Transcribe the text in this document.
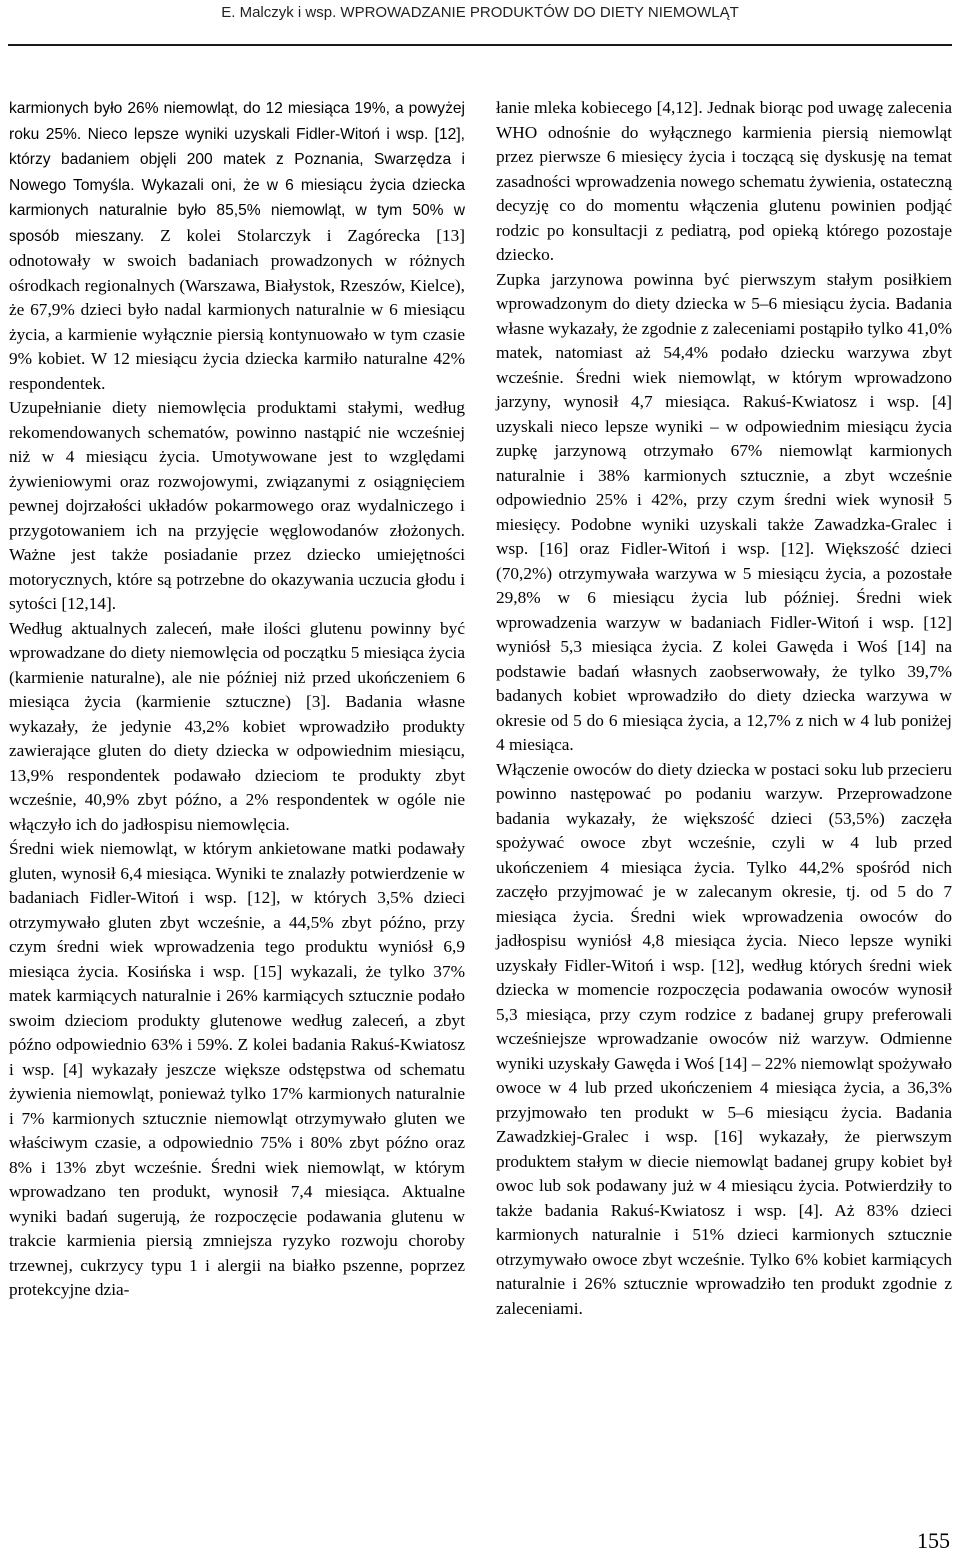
E. Malczyk i wsp. WPROWADZANIE PRODUKTÓW DO DIETY NIEMOWLĄT

karmionych było 26% niemowląt, do 12 miesiąca 19%, a powyżej roku 25%. Nieco lepsze wyniki uzyskali Fidler-Witoń i wsp. [12], którzy badaniem objęli 200 matek z Poznania, Swarzędza i Nowego Tomyśla. Wykazali oni, że w 6 miesiącu życia dziecka karmionych naturalnie było 85,5% niemowląt, w tym 50% w sposób mieszany. Z kolei Stolarczyk i Zagórecka [13] odnotowały w swoich badaniach prowadzonych w różnych ośrodkach regionalnych (Warszawa, Białystok, Rzeszów, Kielce), że 67,9% dzieci było nadal karmionych naturalnie w 6 miesiącu życia, a karmienie wyłącznie piersią kontynuowało w tym czasie 9% kobiet. W 12 miesiącu życia dziecka karmiło naturalne 42% respondentek.

Uzupełnianie diety niemowlęcia produktami stałymi, według rekomendowanych schematów, powinno nastąpić nie wcześniej niż w 4 miesiącu życia. Umotywowane jest to względami żywieniowymi oraz rozwojowymi, związanymi z osiągnięciem pewnej dojrzałości układów pokarmowego oraz wydalniczego i przygotowaniem ich na przyjęcie węglowodanów złożonych. Ważne jest także posiadanie przez dziecko umiejętności motorycznych, które są potrzebne do okazywania uczucia głodu i sytości [12,14].

Według aktualnych zaleceń, małe ilości glutenu powinny być wprowadzane do diety niemowlęcia od początku 5 miesiąca życia (karmienie naturalne), ale nie później niż przed ukończeniem 6 miesiąca życia (karmienie sztuczne) [3]. Badania własne wykazały, że jedynie 43,2% kobiet wprowadziło produkty zawierające gluten do diety dziecka w odpowiednim miesiącu, 13,9% respondentek podawało dzieciom te produkty zbyt wcześnie, 40,9% zbyt późno, a 2% respondentek w ogóle nie włączyło ich do jadłospisu niemowlęcia.

Średni wiek niemowląt, w którym ankietowane matki podawały gluten, wynosił 6,4 miesiąca. Wyniki te znalazły potwierdzenie w badaniach Fidler-Witoń i wsp. [12], w których 3,5% dzieci otrzymywało gluten zbyt wcześnie, a 44,5% zbyt późno, przy czym średni wiek wprowadzenia tego produktu wyniósł 6,9 miesiąca życia. Kosińska i wsp. [15] wykazali, że tylko 37% matek karmiących naturalnie i 26% karmiących sztucznie podało swoim dzieciom produkty glutenowe według zaleceń, a zbyt późno odpowiednio 63% i 59%. Z kolei badania Rakuś-Kwiatosz i wsp. [4] wykazały jeszcze większe odstępstwa od schematu żywienia niemowląt, ponieważ tylko 17% karmionych naturalnie i 7% karmionych sztucznie niemowląt otrzymywało gluten we właściwym czasie, a odpowiednio 75% i 80% zbyt późno oraz 8% i 13% zbyt wcześnie. Średni wiek niemowląt, w którym wprowadzano ten produkt, wynosił 7,4 miesiąca. Aktualne wyniki badań sugerują, że rozpoczęcie podawania glutenu w trakcie karmienia piersią zmniejsza ryzyko rozwoju choroby trzewnej, cukrzycy typu 1 i alergii na białko pszenne, poprzez protekcyjne dzia-

łanie mleka kobiecego [4,12]. Jednak biorąc pod uwagę zalecenia WHO odnośnie do wyłącznego karmienia piersią niemowląt przez pierwsze 6 miesięcy życia i toczącą się dyskusję na temat zasadności wprowadzenia nowego schematu żywienia, ostateczną decyzję co do momentu włączenia glutenu powinien podjąć rodzic po konsultacji z pediatrą, pod opieką którego pozostaje dziecko.

Zupka jarzynowa powinna być pierwszym stałym posiłkiem wprowadzonym do diety dziecka w 5–6 miesiącu życia. Badania własne wykazały, że zgodnie z zaleceniami postąpiło tylko 41,0% matek, natomiast aż 54,4% podało dziecku warzywa zbyt wcześnie. Średni wiek niemowląt, w którym wprowadzono jarzyny, wynosił 4,7 miesiąca. Rakuś-Kwiatosz i wsp. [4] uzyskali nieco lepsze wyniki – w odpowiednim miesiącu życia zupkę jarzynową otrzymało 67% niemowląt karmionych naturalnie i 38% karmionych sztucznie, a zbyt wcześnie odpowiednio 25% i 42%, przy czym średni wiek wynosił 5 miesięcy. Podobne wyniki uzyskali także Zawadzka-Gralec i wsp. [16] oraz Fidler-Witoń i wsp. [12]. Większość dzieci (70,2%) otrzymywała warzywa w 5 miesiącu życia, a pozostałe 29,8% w 6 miesiącu życia lub później. Średni wiek wprowadzenia warzyw w badaniach Fidler-Witoń i wsp. [12] wyniósł 5,3 miesiąca życia. Z kolei Gawęda i Woś [14] na podstawie badań własnych zaobserwowały, że tylko 39,7% badanych kobiet wprowadziło do diety dziecka warzywa w okresie od 5 do 6 miesiąca życia, a 12,7% z nich w 4 lub poniżej 4 miesiąca.

Włączenie owoców do diety dziecka w postaci soku lub przecieru powinno następować po podaniu warzyw. Przeprowadzone badania wykazały, że większość dzieci (53,5%) zaczęła spożywać owoce zbyt wcześnie, czyli w 4 lub przed ukończeniem 4 miesiąca życia. Tylko 44,2% spośród nich zaczęło przyjmować je w zalecanym okresie, tj. od 5 do 7 miesiąca życia. Średni wiek wprowadzenia owoców do jadłospisu wyniósł 4,8 miesiąca życia. Nieco lepsze wyniki uzyskały Fidler-Witoń i wsp. [12], według których średni wiek dziecka w momencie rozpoczęcia podawania owoców wynosił 5,3 miesiąca, przy czym rodzice z badanej grupy preferowali wcześniejsze wprowadzanie owoców niż warzyw. Odmienne wyniki uzyskały Gawęda i Woś [14] – 22% niemowląt spożywało owoce w 4 lub przed ukończeniem 4 miesiąca życia, a 36,3% przyjmowało ten produkt w 5–6 miesiącu życia. Badania Zawadzkiej-Gralec i wsp. [16] wykazały, że pierwszym produktem stałym w diecie niemowląt badanej grupy kobiet był owoc lub sok podawany już w 4 miesiącu życia. Potwierdziły to także badania Rakuś-Kwiatosz i wsp. [4]. Aż 83% dzieci karmionych naturalnie i 51% dzieci karmionych sztucznie otrzymywało owoce zbyt wcześnie. Tylko 6% kobiet karmiących naturalnie i 26% sztucznie wprowadziło ten produkt zgodnie z zaleceniami.

155
